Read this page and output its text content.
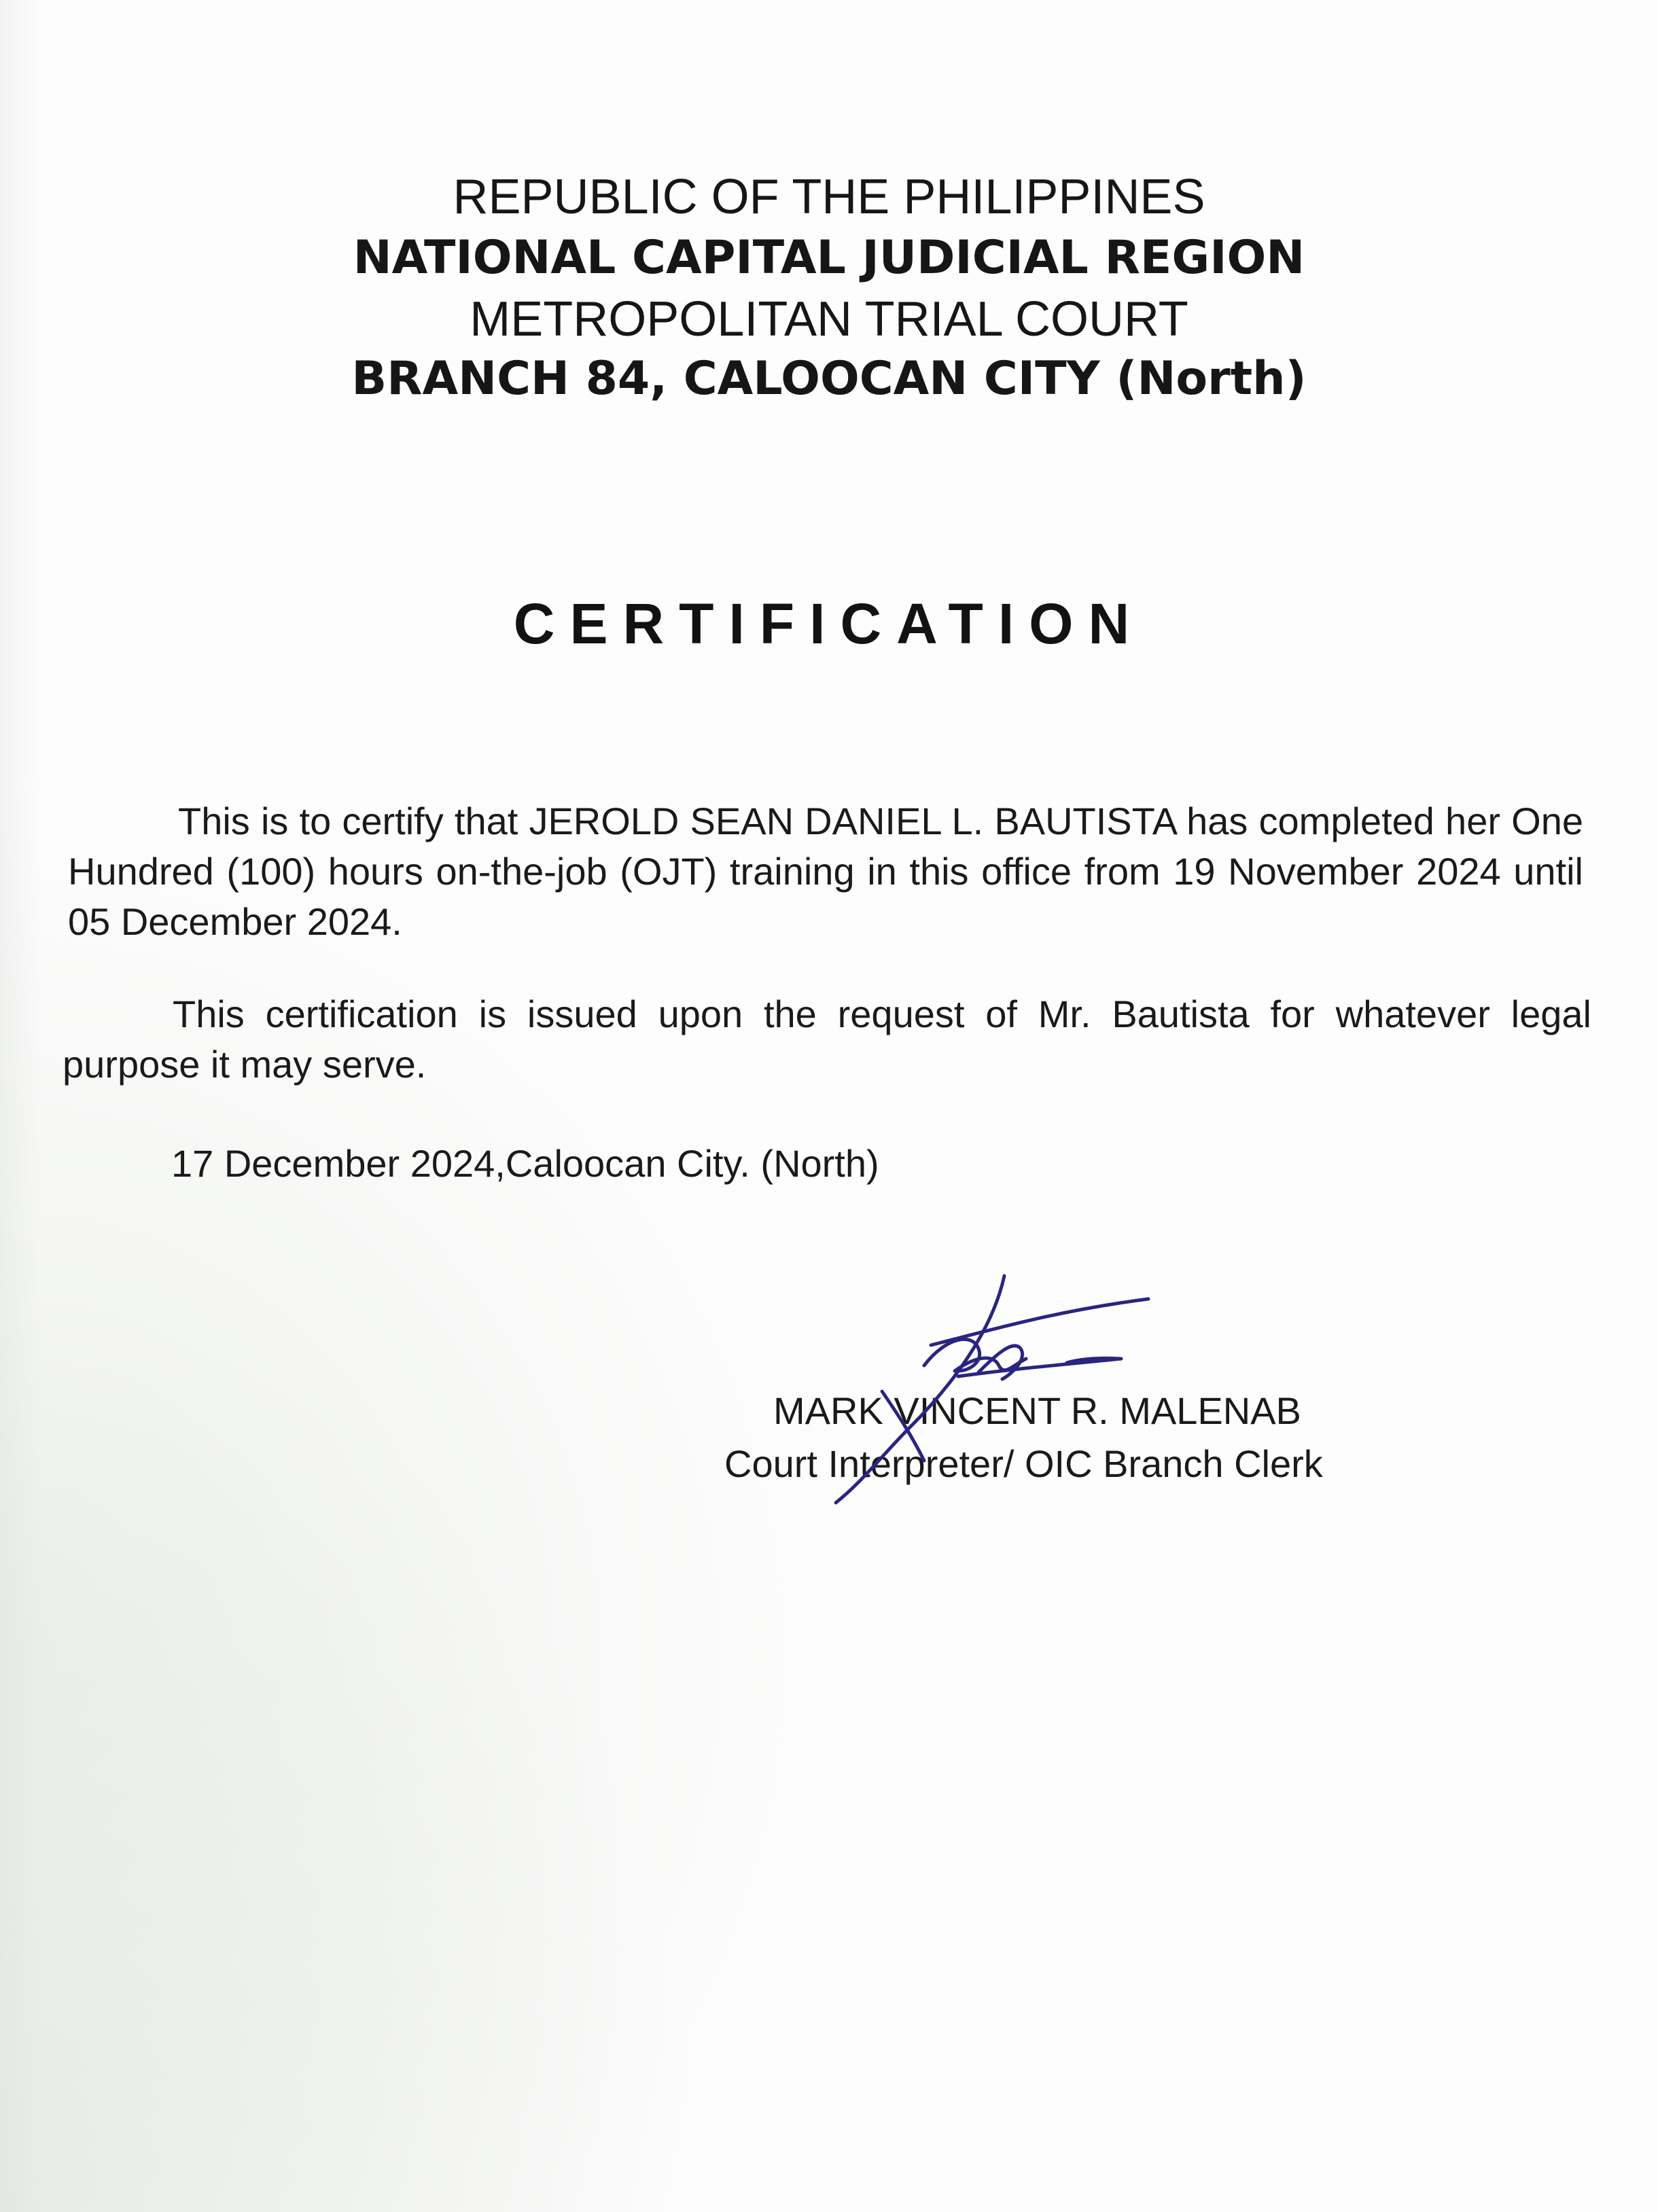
REPUBLIC OF THE PHILIPPINES
NATIONAL CAPITAL JUDICIAL REGION
METROPOLITAN TRIAL COURT
BRANCH 84, CALOOCAN CITY (North)
CERTIFICATION

This is to certify that JEROLD SEAN DANIEL L. BAUTISTA has completed her One Hundred (100) hours on-the-job (OJT) training in this office from 19 November 2024 until 05 December 2024.

This certification is issued upon the request of Mr. Bautista for whatever legal purpose it may serve.

17 December 2024,Caloocan City. (North)
MARK VINCENT R. MALENAB
Court Interpreter/ OIC Branch Clerk
